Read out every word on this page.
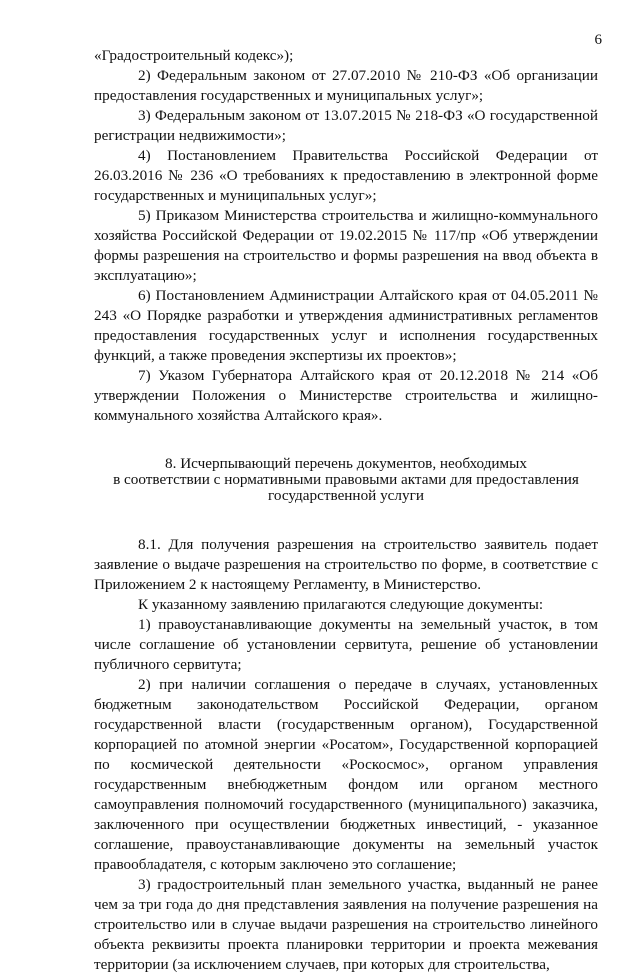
6

«Градостроительный кодекс»);

2) Федеральным законом от 27.07.2010 № 210-ФЗ «Об организации предоставления государственных и муниципальных услуг»;

3) Федеральным законом от 13.07.2015 № 218-ФЗ «О государственной регистрации недвижимости»;

4) Постановлением Правительства Российской Федерации от 26.03.2016 № 236 «О требованиях к предоставлению в электронной форме государственных и муниципальных услуг»;

5) Приказом Министерства строительства и жилищно-коммунального хозяйства Российской Федерации от 19.02.2015 № 117/пр «Об утверждении формы разрешения на строительство и формы разрешения на ввод объекта в эксплуатацию»;

6) Постановлением Администрации Алтайского края от 04.05.2011 № 243 «О Порядке разработки и утверждения административных регламентов предоставления государственных услуг и исполнения государственных функций, а также проведения экспертизы их проектов»;

7) Указом Губернатора Алтайского края от 20.12.2018 № 214 «Об утверждении Положения о Министерстве строительства и жилищно-коммунального хозяйства Алтайского края».

8. Исчерпывающий перечень документов, необходимых
в соответствии с нормативными правовыми актами для предоставления
государственной услуги

8.1. Для получения разрешения на строительство заявитель подает заявление о выдаче разрешения на строительство по форме, в соответствие с Приложением 2 к настоящему Регламенту, в Министерство.

К указанному заявлению прилагаются следующие документы:

1) правоустанавливающие документы на земельный участок, в том числе соглашение об установлении сервитута, решение об установлении публичного сервитута;

2) при наличии соглашения о передаче в случаях, установленных бюджетным законодательством Российской Федерации, органом государственной власти (государственным органом), Государственной корпорацией по атомной энергии «Росатом», Государственной корпорацией по космической деятельности «Роскосмос», органом управления государственным внебюджетным фондом или органом местного самоуправления полномочий государственного (муниципального) заказчика, заключенного при осуществлении бюджетных инвестиций, - указанное соглашение, правоустанавливающие документы на земельный участок правообладателя, с которым заключено это соглашение;

3) градостроительный план земельного участка, выданный не ранее чем за три года до дня представления заявления на получение разрешения на строительство или в случае выдачи разрешения на строительство линейного объекта реквизиты проекта планировки территории и проекта межевания территории (за исключением случаев, при которых для строительства,
